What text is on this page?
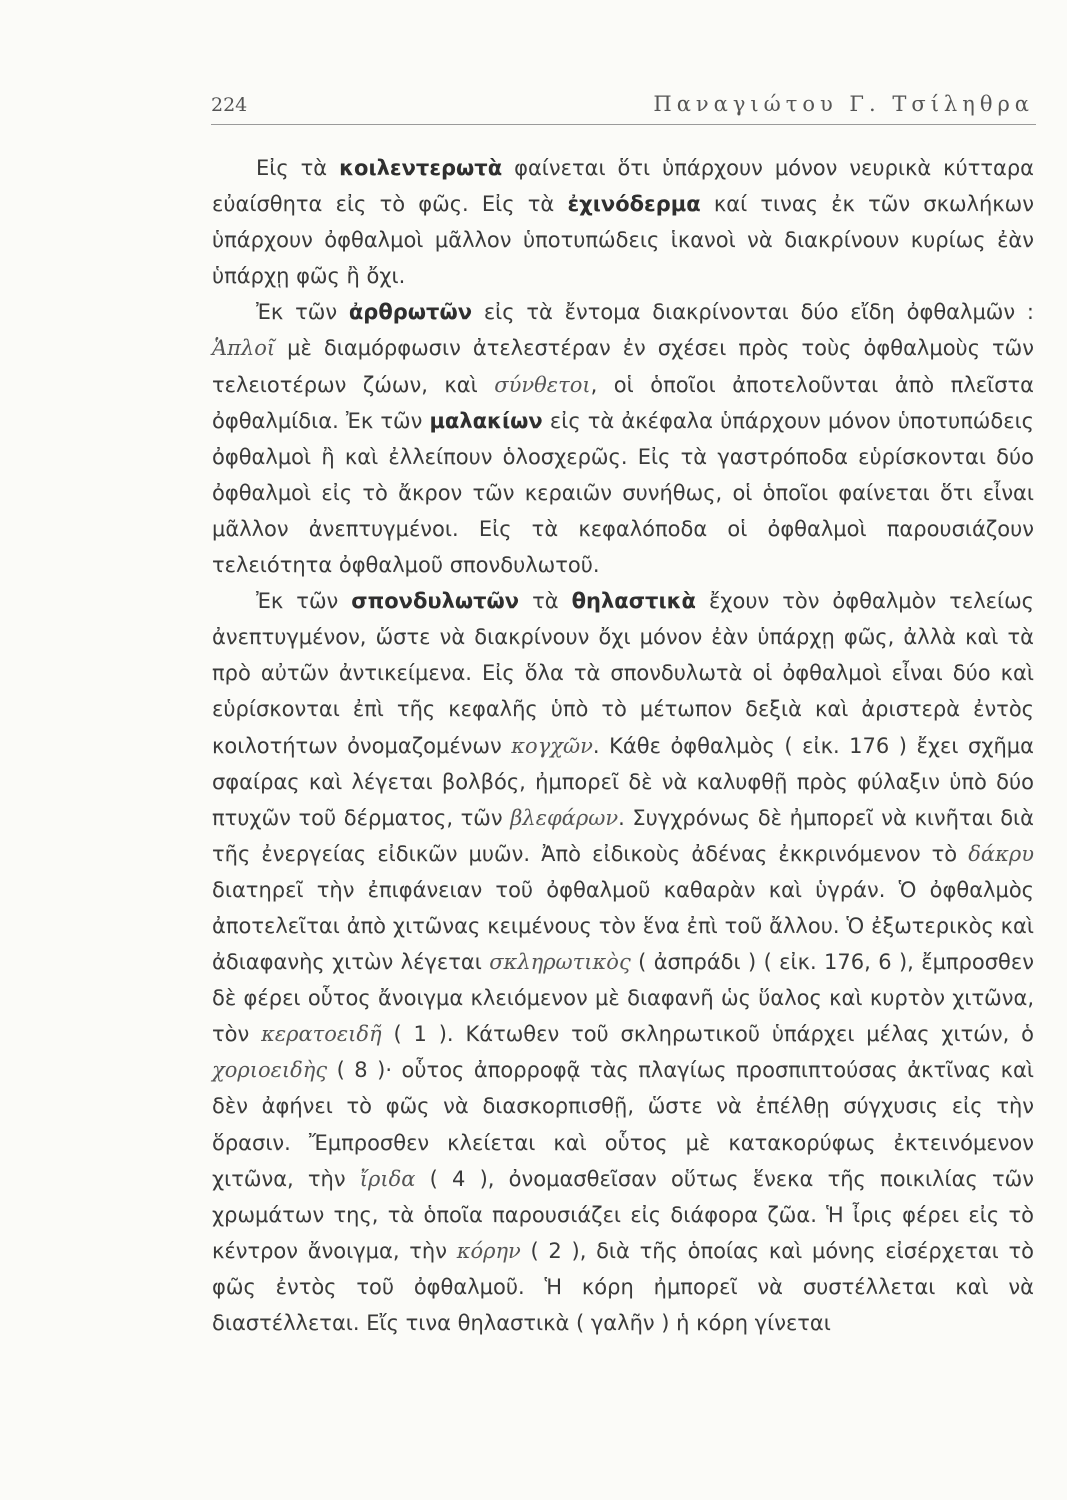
224	Παναγιώτου Γ. Τσίληθρα

Εἰς τὰ κοιλεντερωτὰ φαίνεται ὅτι ὑπάρχουν μόνον νευρικὰ κύτταρα εὐαίσθητα εἰς τὸ φῶς. Εἰς τὰ ἐχινόδερμα καί τινας ἐκ τῶν σκωλήκων ὑπάρχουν ὀφθαλμοὶ μᾶλλον ὑποτυπώδεις ἱκανοὶ νὰ διακρίνουν κυρίως ἐὰν ὑπάρχῃ φῶς ἢ ὄχι.

Ἐκ τῶν ἀρθρωτῶν εἰς τὰ ἔντομα διακρίνονται δύο εἴδη ὀφθαλμῶν : Ἁπλοῖ μὲ διαμόρφωσιν ἀτελεστέραν ἐν σχέσει πρὸς τοὺς ὀφθαλμοὺς τῶν τελειοτέρων ζώων, καὶ σύνθετοι, οἱ ὁποῖοι ἀποτελοῦνται ἀπὸ πλεῖστα ὀφθαλμίδια. Ἐκ τῶν μαλακίων εἰς τὰ ἀκέφαλα ὑπάρχουν μόνον ὑποτυπώδεις ὀφθαλμοὶ ἢ καὶ ἐλλείπουν ὁλοσχερῶς. Εἰς τὰ γαστρόποδα εὑρίσκονται δύο ὀφθαλμοὶ εἰς τὸ ἄκρον τῶν κεραιῶν συνήθως, οἱ ὁποῖοι φαίνεται ὅτι εἶναι μᾶλλον ἀνεπτυγμένοι. Εἰς τὰ κεφαλόποδα οἱ ὀφθαλμοὶ παρουσιάζουν τελειότητα ὀφθαλμοῦ σπονδυλωτοῦ.

Ἐκ τῶν σπονδυλωτῶν τὰ θηλαστικὰ ἔχουν τὸν ὀφθαλμὸν τελείως ἀνεπτυγμένον, ὥστε νὰ διακρίνουν ὄχι μόνον ἐὰν ὑπάρχῃ φῶς, ἀλλὰ καὶ τὰ πρὸ αὐτῶν ἀντικείμενα. Εἰς ὅλα τὰ σπονδυλωτὰ οἱ ὀφθαλμοὶ εἶναι δύο καὶ εὑρίσκονται ἐπὶ τῆς κεφαλῆς ὑπὸ τὸ μέτωπον δεξιὰ καὶ ἀριστερὰ ἐντὸς κοιλοτήτων ὀνομαζομένων κογχῶν. Κάθε ὀφθαλμὸς ( εἰκ. 176 ) ἔχει σχῆμα σφαίρας καὶ λέγεται βολβός, ἠμπορεῖ δὲ νὰ καλυφθῇ πρὸς φύλαξιν ὑπὸ δύο πτυχῶν τοῦ δέρματος, τῶν βλεφάρων. Συγχρόνως δὲ ἠμπορεῖ νὰ κινῆται διὰ τῆς ἐνεργείας εἰδικῶν μυῶν. Ἀπὸ εἰδικοὺς ἀδένας ἐκκρινόμενον τὸ δάκρυ διατηρεῖ τὴν ἐπιφάνειαν τοῦ ὀφθαλμοῦ καθαρὰν καὶ ὑγράν. Ὁ ὀφθαλμὸς ἀποτελεῖται ἀπὸ χιτῶνας κειμένους τὸν ἕνα ἐπὶ τοῦ ἄλλου. Ὁ ἐξωτερικὸς καὶ ἀδιαφανὴς χιτὼν λέγεται σκληρωτικὸς ( ἀσπράδι ) ( εἰκ. 176, 6 ), ἔμπροσθεν δὲ φέρει οὗτος ἄνοιγμα κλειόμενον μὲ διαφανῆ ὡς ὕαλος καὶ κυρτὸν χιτῶνα, τὸν κερατοειδῆ ( 1 ). Κάτωθεν τοῦ σκληρωτικοῦ ὑπάρχει μέλας χιτών, ὁ χοριοειδὴς ( 8 )· οὗτος ἀπορροφᾷ τὰς πλαγίως προσπιπτούσας ἀκτῖνας καὶ δὲν ἀφήνει τὸ φῶς νὰ διασκορπισθῇ, ὥστε νὰ ἐπέλθῃ σύγχυσις εἰς τὴν ὅρασιν. Ἔμπροσθεν κλείεται καὶ οὗτος μὲ κατακορύφως ἐκτεινόμενον χιτῶνα, τὴν ἴριδα ( 4 ), ὀνομασθεῖσαν οὕτως ἕνεκα τῆς ποικιλίας τῶν χρωμάτων της, τὰ ὁποῖα παρουσιάζει εἰς διάφορα ζῶα. Ἡ ἶρις φέρει εἰς τὸ κέντρον ἄνοιγμα, τὴν κόρην ( 2 ), διὰ τῆς ὁποίας καὶ μόνης εἰσέρχεται τὸ φῶς ἐντὸς τοῦ ὀφθαλμοῦ. Ἡ κόρη ἠμπορεῖ νὰ συστέλλεται καὶ νὰ διαστέλλεται. Εἴς τινα θηλαστικὰ ( γαλῆν ) ἡ κόρη γίνεται
